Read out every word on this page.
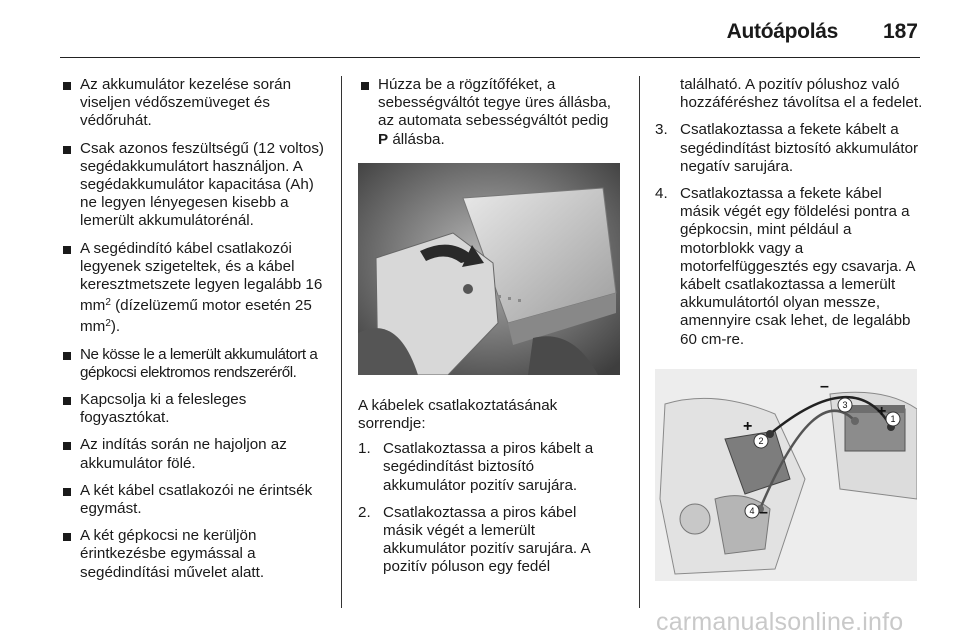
Autóápolás 187
Az akkumulátor kezelése során viseljen védőszemüveget és védőruhát.
Csak azonos feszültségű (12 voltos) segédakkumulátort használjon. A segédakkumulátor kapacitása (Ah) ne legyen lényegesen kisebb a lemerült akkumulátorénál.
A segédindító kábel csatlakozói legyenek szigeteltek, és a kábel keresztmetszete legyen legalább 16 $mm^2$ (dízelüzemű motor esetén 25 $mm^2$).
Ne kösse le a lemerült akkumulátort a gépkocsi elektromos rendszeréről.
Kapcsolja ki a felesleges fogyasztókat.
Az indítás során ne hajoljon az akkumulátor fölé.
A két kábel csatlakozói ne érintsék egymást.
A két gépkocsi ne kerüljön érintkezésbe egymással a segédindítási művelet alatt.
Húzza be a rögzítőféket, a sebességváltót tegye üres állásba, az automata sebességváltót pedig P állásba.
A kábelek csatlakoztatásának sorrendje:
1. Csatlakoztassa a piros kábelt a segédindítást biztosító akkumulátor pozitív sarujára.
2. Csatlakoztassa a piros kábel másik végét a lemerült akkumulátor pozitív sarujára. A pozitív póluson egy fedél
található. A pozitív pólushoz való hozzáféréshez távolítsa el a fedelet.
3. Csatlakoztassa a fekete kábelt a segédindítást biztosító akkumulátor negatív sarujára.
4. Csatlakoztassa a fekete kábel másik végét egy földelési pontra a gépkocsin, mint például a motorblokk vagy a motorfelfüggesztés egy csavarja. A kábelt csatlakoztassa a lemerült akkumulátortól olyan messze, amennyire csak lehet, de legalább 60 cm-re.
–
+
+
–
1
2
3
4
carmanualsonline.info
